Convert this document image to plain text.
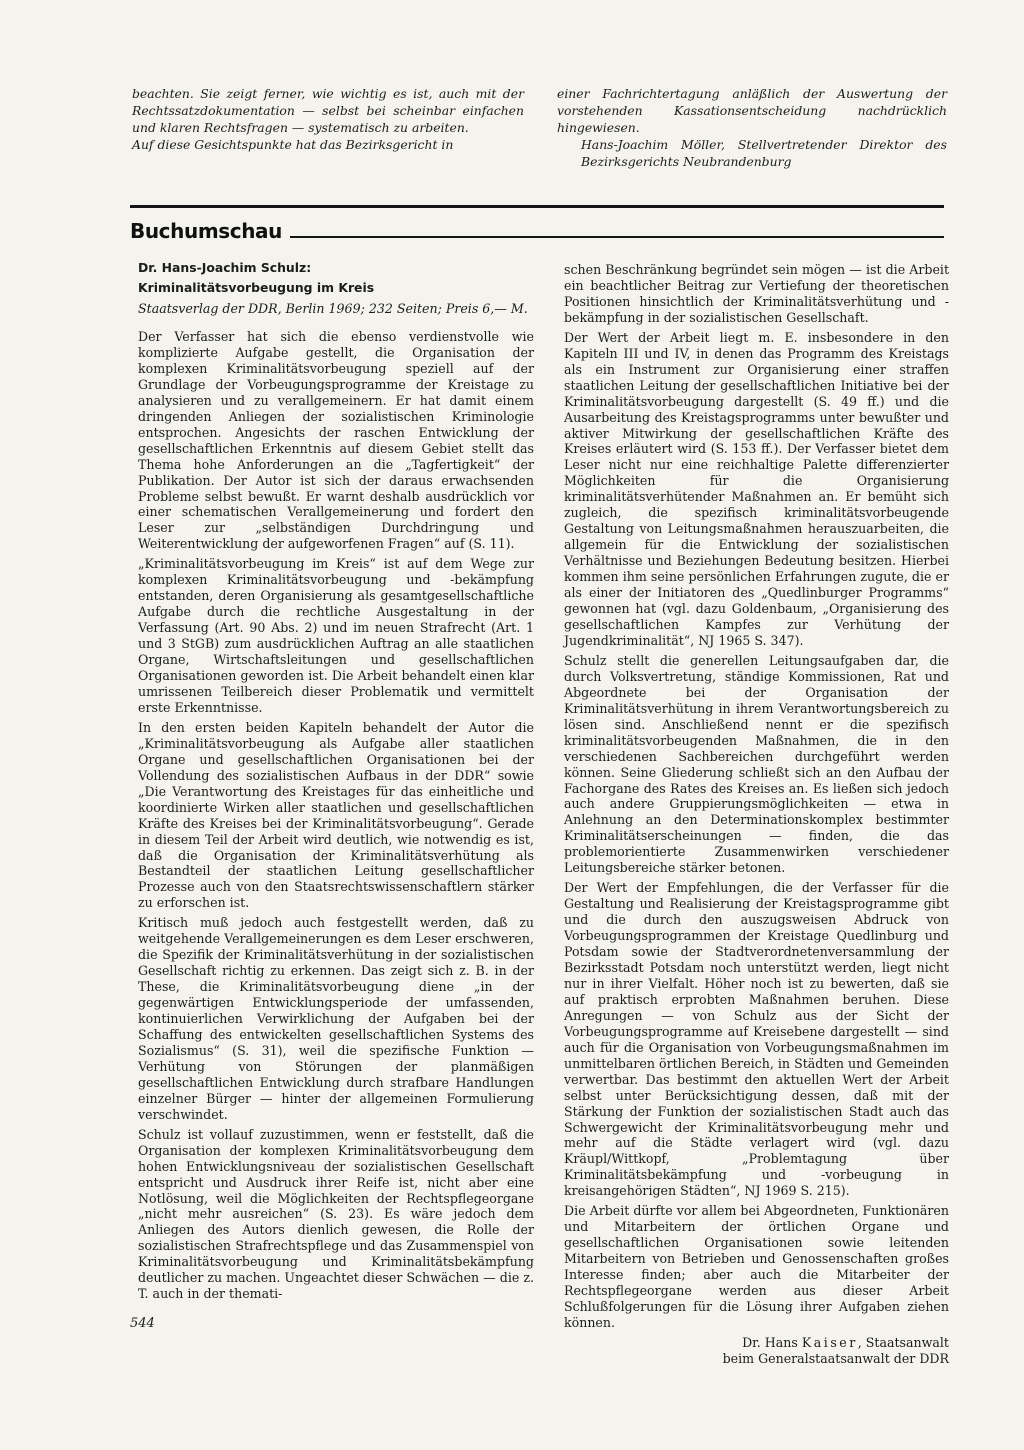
beachten. Sie zeigt ferner, wie wichtig es ist, auch mit der Rechtssatzdokumentation — selbst bei scheinbar einfachen und klaren Rechtsfragen — systematisch zu arbeiten.

Auf diese Gesichtspunkte hat das Bezirksgericht in

einer Fachrichtertagung anläßlich der Auswertung der vorstehenden Kassationsentscheidung nachdrücklich hingewiesen.

Hans-Joachim Möller, Stellvertretender Direktor des Bezirksgerichts Neubrandenburg

Buchumschau
Dr. Hans-Joachim Schulz:
Kriminalitätsvorbeugung im Kreis
Staatsverlag der DDR, Berlin 1969; 232 Seiten; Preis 6,— M.

Der Verfasser hat sich die ebenso verdienstvolle wie komplizierte Aufgabe gestellt, die Organisation der komplexen Kriminalitätsvorbeugung speziell auf der Grundlage der Vorbeugungsprogramme der Kreistage zu analysieren und zu verallgemeinern. Er hat damit einem dringenden Anliegen der sozialistischen Kriminologie entsprochen. Angesichts der raschen Entwicklung der gesellschaftlichen Erkenntnis auf diesem Gebiet stellt das Thema hohe Anforderungen an die „Tagfertigkeit“ der Publikation. Der Autor ist sich der daraus erwachsenden Probleme selbst bewußt. Er warnt deshalb ausdrücklich vor einer schematischen Verallgemeinerung und fordert den Leser zur „selbständigen Durchdringung und Weiterentwicklung der aufgeworfenen Fragen“ auf (S. 11).

„Kriminalitätsvorbeugung im Kreis“ ist auf dem Wege zur komplexen Kriminalitätsvorbeugung und -bekämpfung entstanden, deren Organisierung als gesamtgesellschaftliche Aufgabe durch die rechtliche Ausgestaltung in der Verfassung (Art. 90 Abs. 2) und im neuen Strafrecht (Art. 1 und 3 StGB) zum ausdrücklichen Auftrag an alle staatlichen Organe, Wirtschaftsleitungen und gesellschaftlichen Organisationen geworden ist. Die Arbeit behandelt einen klar umrissenen Teilbereich dieser Problematik und vermittelt erste Erkenntnisse.

In den ersten beiden Kapiteln behandelt der Autor die „Kriminalitätsvorbeugung als Aufgabe aller staatlichen Organe und gesellschaftlichen Organisationen bei der Vollendung des sozialistischen Aufbaus in der DDR“ sowie „Die Verantwortung des Kreistages für das einheitliche und koordinierte Wirken aller staatlichen und gesellschaftlichen Kräfte des Kreises bei der Kriminalitätsvorbeugung“. Gerade in diesem Teil der Arbeit wird deutlich, wie notwendig es ist, daß die Organisation der Kriminalitätsverhütung als Bestandteil der staatlichen Leitung gesellschaftlicher Prozesse auch von den Staatsrechtswissenschaftlern stärker zu erforschen ist.

Kritisch muß jedoch auch festgestellt werden, daß zu weitgehende Verallgemeinerungen es dem Leser erschweren, die Spezifik der Kriminalitätsverhütung in der sozialistischen Gesellschaft richtig zu erkennen. Das zeigt sich z. B. in der These, die Kriminalitätsvorbeugung diene „in der gegenwärtigen Entwicklungsperiode der umfassenden, kontinuierlichen Verwirklichung der Aufgaben bei der Schaffung des entwickelten gesellschaftlichen Systems des Sozialismus“ (S. 31), weil die spezifische Funktion — Verhütung von Störungen der planmäßigen gesellschaftlichen Entwicklung durch strafbare Handlungen einzelner Bürger — hinter der allgemeinen Formulierung verschwindet.

Schulz ist vollauf zuzustimmen, wenn er feststellt, daß die Organisation der komplexen Kriminalitätsvorbeugung dem hohen Entwicklungsniveau der sozialistischen Gesellschaft entspricht und Ausdruck ihrer Reife ist, nicht aber eine Notlösung, weil die Möglichkeiten der Rechtspflegeorgane „nicht mehr ausreichen“ (S. 23). Es wäre jedoch dem Anliegen des Autors dienlich gewesen, die Rolle der sozialistischen Strafrechtspflege und das Zusammenspiel von Kriminalitätsvorbeugung und Kriminalitätsbekämpfung deutlicher zu machen. Ungeachtet dieser Schwächen — die z. T. auch in der themati-

schen Beschränkung begründet sein mögen — ist die Arbeit ein beachtlicher Beitrag zur Vertiefung der theoretischen Positionen hinsichtlich der Kriminalitätsverhütung und -bekämpfung in der sozialistischen Gesellschaft.

Der Wert der Arbeit liegt m. E. insbesondere in den Kapiteln III und IV, in denen das Programm des Kreistags als ein Instrument zur Organisierung einer straffen staatlichen Leitung der gesellschaftlichen Initiative bei der Kriminalitätsvorbeugung dargestellt (S. 49 ff.) und die Ausarbeitung des Kreistagsprogramms unter bewußter und aktiver Mitwirkung der gesellschaftlichen Kräfte des Kreises erläutert wird (S. 153 ff.). Der Verfasser bietet dem Leser nicht nur eine reichhaltige Palette differenzierter Möglichkeiten für die Organisierung kriminalitätsverhütender Maßnahmen an. Er bemüht sich zugleich, die spezifisch kriminalitätsvorbeugende Gestaltung von Leitungsmaßnahmen herauszuarbeiten, die allgemein für die Entwicklung der sozialistischen Verhältnisse und Beziehungen Bedeutung besitzen. Hierbei kommen ihm seine persönlichen Erfahrungen zugute, die er als einer der Initiatoren des „Quedlinburger Programms“ gewonnen hat (vgl. dazu Goldenbaum, „Organisierung des gesellschaftlichen Kampfes zur Verhütung der Jugendkriminalität“, NJ 1965 S. 347).

Schulz stellt die generellen Leitungsaufgaben dar, die durch Volksvertretung, ständige Kommissionen, Rat und Abgeordnete bei der Organisation der Kriminalitätsverhütung in ihrem Verantwortungsbereich zu lösen sind. Anschließend nennt er die spezifisch kriminalitätsvorbeugenden Maßnahmen, die in den verschiedenen Sachbereichen durchgeführt werden können. Seine Gliederung schließt sich an den Aufbau der Fachorgane des Rates des Kreises an. Es ließen sich jedoch auch andere Gruppierungsmöglichkeiten — etwa in Anlehnung an den Determinationskomplex bestimmter Kriminalitätserscheinungen — finden, die das problemorientierte Zusammenwirken verschiedener Leitungsbereiche stärker betonen.

Der Wert der Empfehlungen, die der Verfasser für die Gestaltung und Realisierung der Kreistagsprogramme gibt und die durch den auszugsweisen Abdruck von Vorbeugungsprogrammen der Kreistage Quedlinburg und Potsdam sowie der Stadtverordnetenversammlung der Bezirksstadt Potsdam noch unterstützt werden, liegt nicht nur in ihrer Vielfalt. Höher noch ist zu bewerten, daß sie auf praktisch erprobten Maßnahmen beruhen. Diese Anregungen — von Schulz aus der Sicht der Vorbeugungsprogramme auf Kreisebene dargestellt — sind auch für die Organisation von Vorbeugungsmaßnahmen im unmittelbaren örtlichen Bereich, in Städten und Gemeinden verwertbar. Das bestimmt den aktuellen Wert der Arbeit selbst unter Berücksichtigung dessen, daß mit der Stärkung der Funktion der sozialistischen Stadt auch das Schwergewicht der Kriminalitätsvorbeugung mehr und mehr auf die Städte verlagert wird (vgl. dazu Kräupl/Wittkopf, „Problemtagung über Kriminalitätsbekämpfung und -vorbeugung in kreisangehörigen Städten“, NJ 1969 S. 215).

Die Arbeit dürfte vor allem bei Abgeordneten, Funktionären und Mitarbeitern der örtlichen Organe und gesellschaftlichen Organisationen sowie leitenden Mitarbeitern von Betrieben und Genossenschaften großes Interesse finden; aber auch die Mitarbeiter der Rechtspflegeorgane werden aus dieser Arbeit Schlußfolgerungen für die Lösung ihrer Aufgaben ziehen können.

Dr. Hans Kaiser, Staatsanwalt
beim Generalstaatsanwalt der DDR
544
